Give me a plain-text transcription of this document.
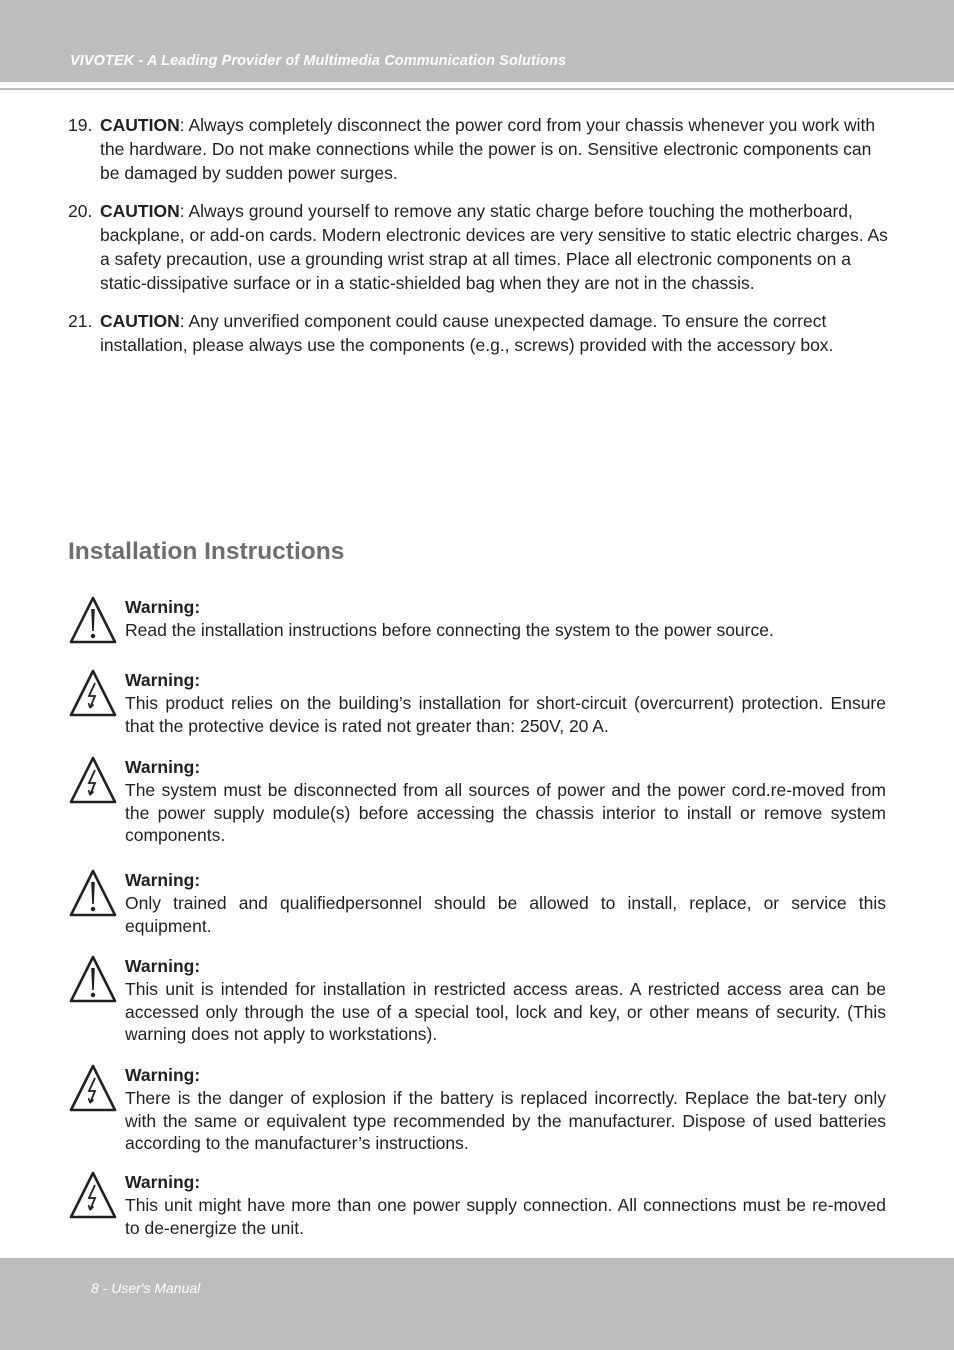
VIVOTEK - A Leading Provider of Multimedia Communication Solutions
19. CAUTION: Always completely disconnect the power cord from your chassis whenever you work with the hardware. Do not make connections while the power is on. Sensitive electronic components can be damaged by sudden power surges.
20. CAUTION: Always ground yourself to remove any static charge before touching the motherboard, backplane, or add-on cards. Modern electronic devices are very sensitive to static electric charges. As a safety precaution, use a grounding wrist strap at all times. Place all electronic components on a static-dissipative surface or in a static-shielded bag when they are not in the chassis.
21. CAUTION: Any unverified component could cause unexpected damage. To ensure the correct installation, please always use the components (e.g., screws) provided with the accessory box.
Installation Instructions
Warning:
Read the installation instructions before connecting the system to the power source.
Warning:
This product relies on the building’s installation for short-circuit (overcurrent) protection. Ensure that the protective device is rated not greater than: 250V, 20 A.
Warning:
The system must be disconnected from all sources of power and the power cord.re-moved from the power supply module(s) before accessing the chassis interior to install or remove system components.
Warning:
Only trained and qualifiedpersonnel should be allowed to install, replace, or service this equipment.
Warning:
This unit is intended for installation in restricted access areas. A restricted access area can be accessed only through the use of a special tool, lock and key, or other means of security. (This warning does not apply to workstations).
Warning:
There is the danger of explosion if the battery is replaced incorrectly. Replace the bat-tery only with the same or equivalent type recommended by the manufacturer. Dispose of used batteries according to the manufacturer’s instructions.
Warning:
This unit might have more than one power supply connection. All connections must be re-moved to de-energize the unit.
8 - User's Manual
